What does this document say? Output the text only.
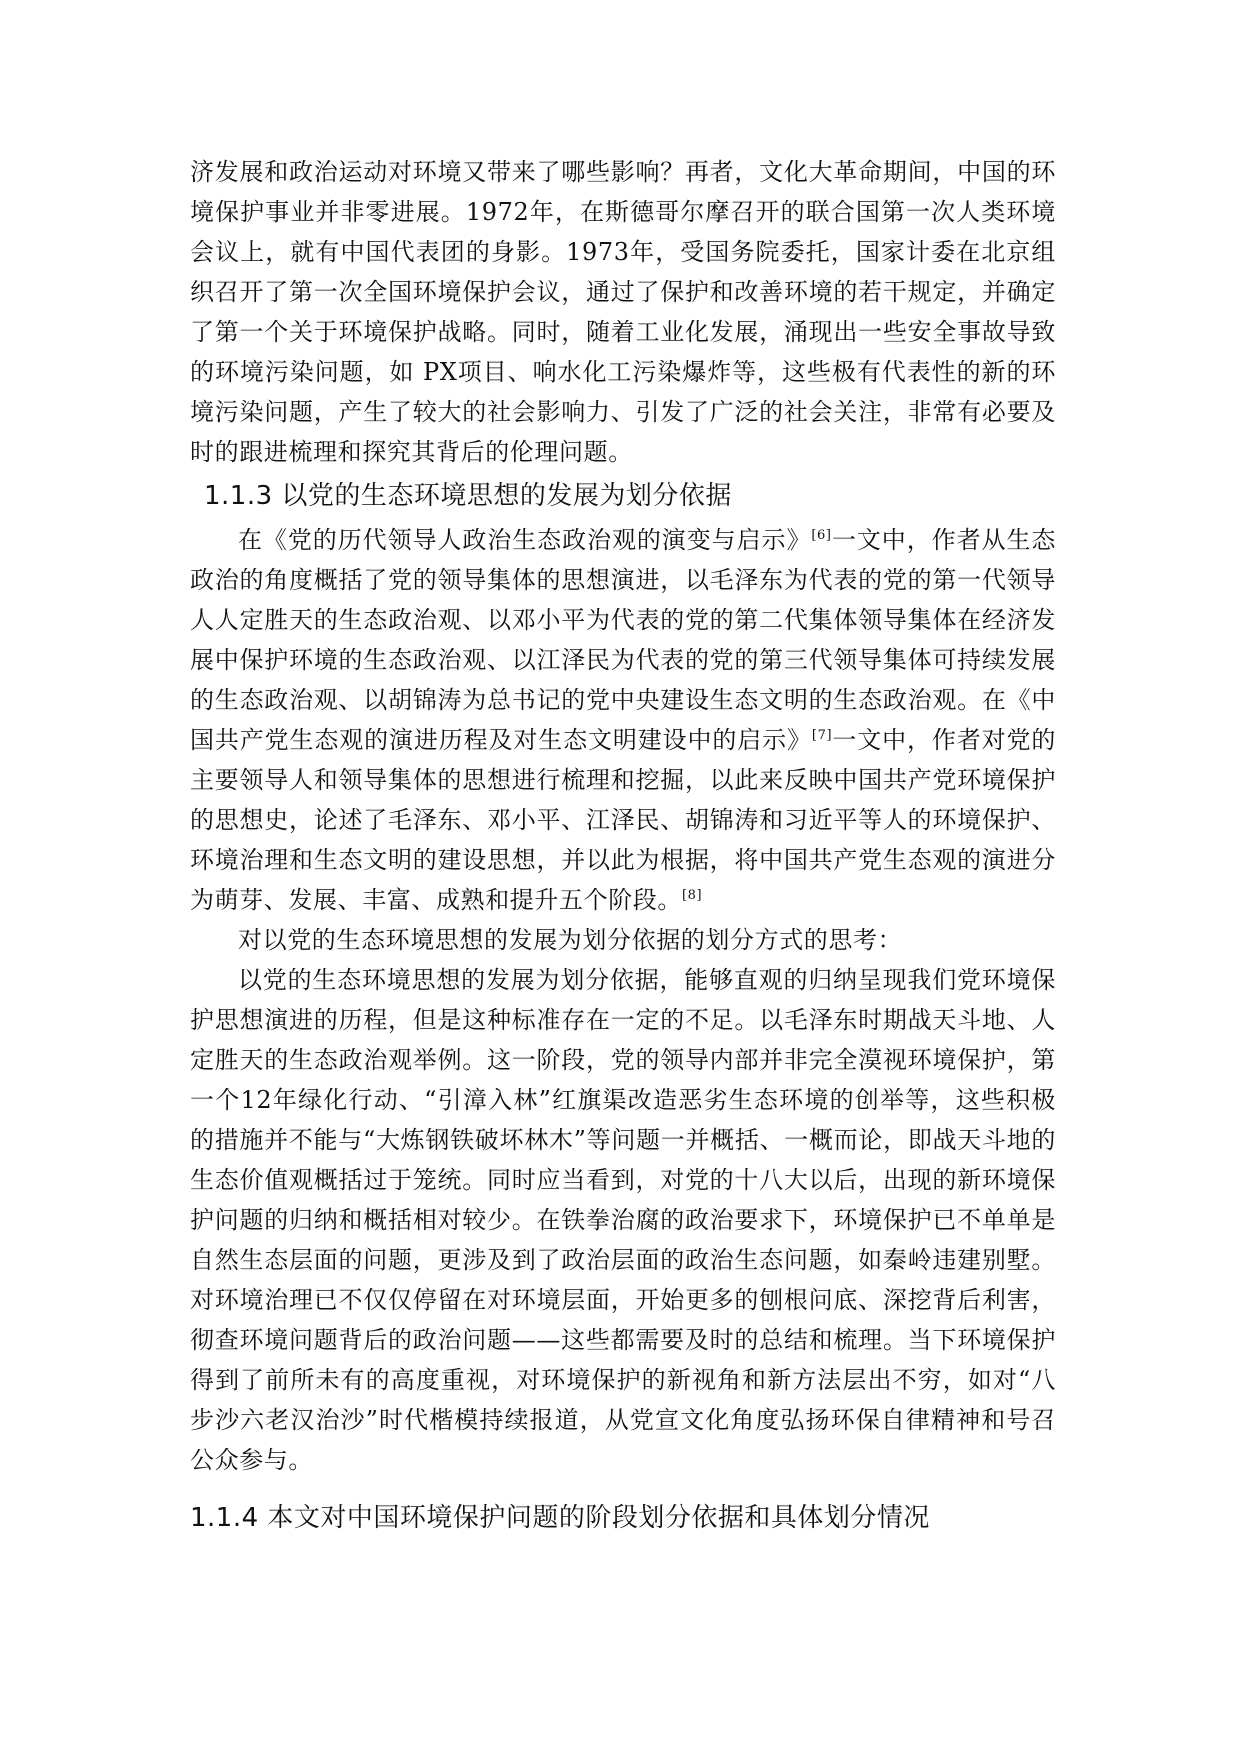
济发展和政治运动对环境又带来了哪些影响？再者，文化大革命期间，中国的环境保护事业并非零进展。1972年，在斯德哥尔摩召开的联合国第一次人类环境会议上，就有中国代表团的身影。1973年，受国务院委托，国家计委在北京组织召开了第一次全国环境保护会议，通过了保护和改善环境的若干规定，并确定了第一个关于环境保护战略。同时，随着工业化发展，涌现出一些安全事故导致的环境污染问题，如 PX项目、响水化工污染爆炸等，这些极有代表性的新的环境污染问题，产生了较大的社会影响力、引发了广泛的社会关注，非常有必要及时的跟进梳理和探究其背后的伦理问题。

1.1.3 以党的生态环境思想的发展为划分依据

在《党的历代领导人政治生态政治观的演变与启示》[6]一文中，作者从生态政治的角度概括了党的领导集体的思想演进，以毛泽东为代表的党的第一代领导人人定胜天的生态政治观、以邓小平为代表的党的第二代集体领导集体在经济发展中保护环境的生态政治观、以江泽民为代表的党的第三代领导集体可持续发展的生态政治观、以胡锦涛为总书记的党中央建设生态文明的生态政治观。在《中国共产党生态观的演进历程及对生态文明建设中的启示》[7]一文中，作者对党的主要领导人和领导集体的思想进行梳理和挖掘，以此来反映中国共产党环境保护的思想史，论述了毛泽东、邓小平、江泽民、胡锦涛和习近平等人的环境保护、环境治理和生态文明的建设思想，并以此为根据，将中国共产党生态观的演进分为萌芽、发展、丰富、成熟和提升五个阶段。[8]

对以党的生态环境思想的发展为划分依据的划分方式的思考：

以党的生态环境思想的发展为划分依据，能够直观的归纳呈现我们党环境保护思想演进的历程，但是这种标准存在一定的不足。以毛泽东时期战天斗地、人定胜天的生态政治观举例。这一阶段，党的领导内部并非完全漠视环境保护，第一个12年绿化行动、“引漳入林”红旗渠改造恶劣生态环境的创举等，这些积极的措施并不能与“大炼钢铁破坏林木”等问题一并概括、一概而论，即战天斗地的生态价值观概括过于笼统。同时应当看到，对党的十八大以后，出现的新环境保护问题的归纳和概括相对较少。在铁拳治腐的政治要求下，环境保护已不单单是自然生态层面的问题，更涉及到了政治层面的政治生态问题，如秦岭违建别墅。对环境治理已不仅仅停留在对环境层面，开始更多的刨根问底、深挖背后利害，彻查环境问题背后的政治问题——这些都需要及时的总结和梳理。当下环境保护得到了前所未有的高度重视，对环境保护的新视角和新方法层出不穷，如对“八步沙六老汉治沙”时代楷模持续报道，从党宣文化角度弘扬环保自律精神和号召公众参与。

1.1.4 本文对中国环境保护问题的阶段划分依据和具体划分情况
